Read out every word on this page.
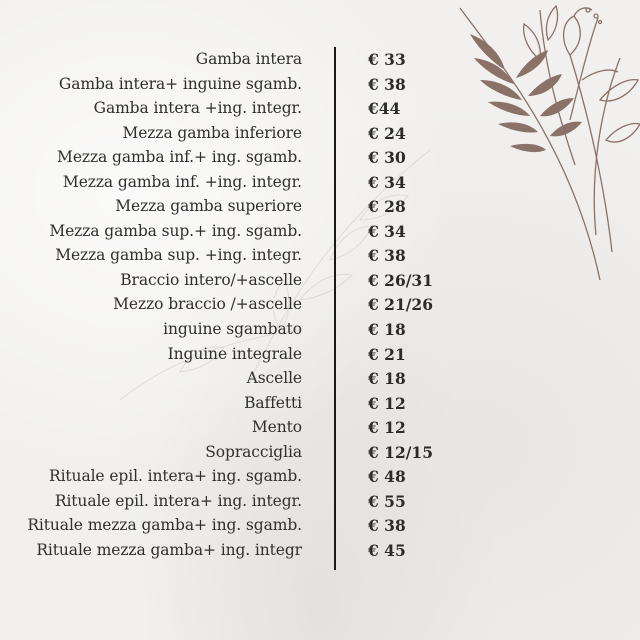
Gamba intera	€ 33
Gamba intera+ inguine sgamb.	€ 38
Gamba intera +ing. integr.	€44
Mezza gamba inferiore	€ 24
Mezza gamba inf.+ ing. sgamb.	€ 30
Mezza gamba inf. +ing. integr.	€ 34
Mezza gamba superiore	€ 28
Mezza gamba sup.+ ing. sgamb.	€ 34
Mezza gamba sup. +ing. integr.	€ 38
Braccio intero/+ascelle	€ 26/31
Mezzo braccio /+ascelle	€ 21/26
inguine sgambato	€ 18
Inguine integrale	€ 21
Ascelle	€ 18
Baffetti	€ 12
Mento	€ 12
Sopracciglia	€ 12/15
Rituale epil. intera+ ing. sgamb.	€ 48
Rituale epil. intera+ ing. integr.	€ 55
Rituale mezza gamba+ ing. sgamb.	€ 38
Rituale mezza gamba+ ing. integr	€ 45
